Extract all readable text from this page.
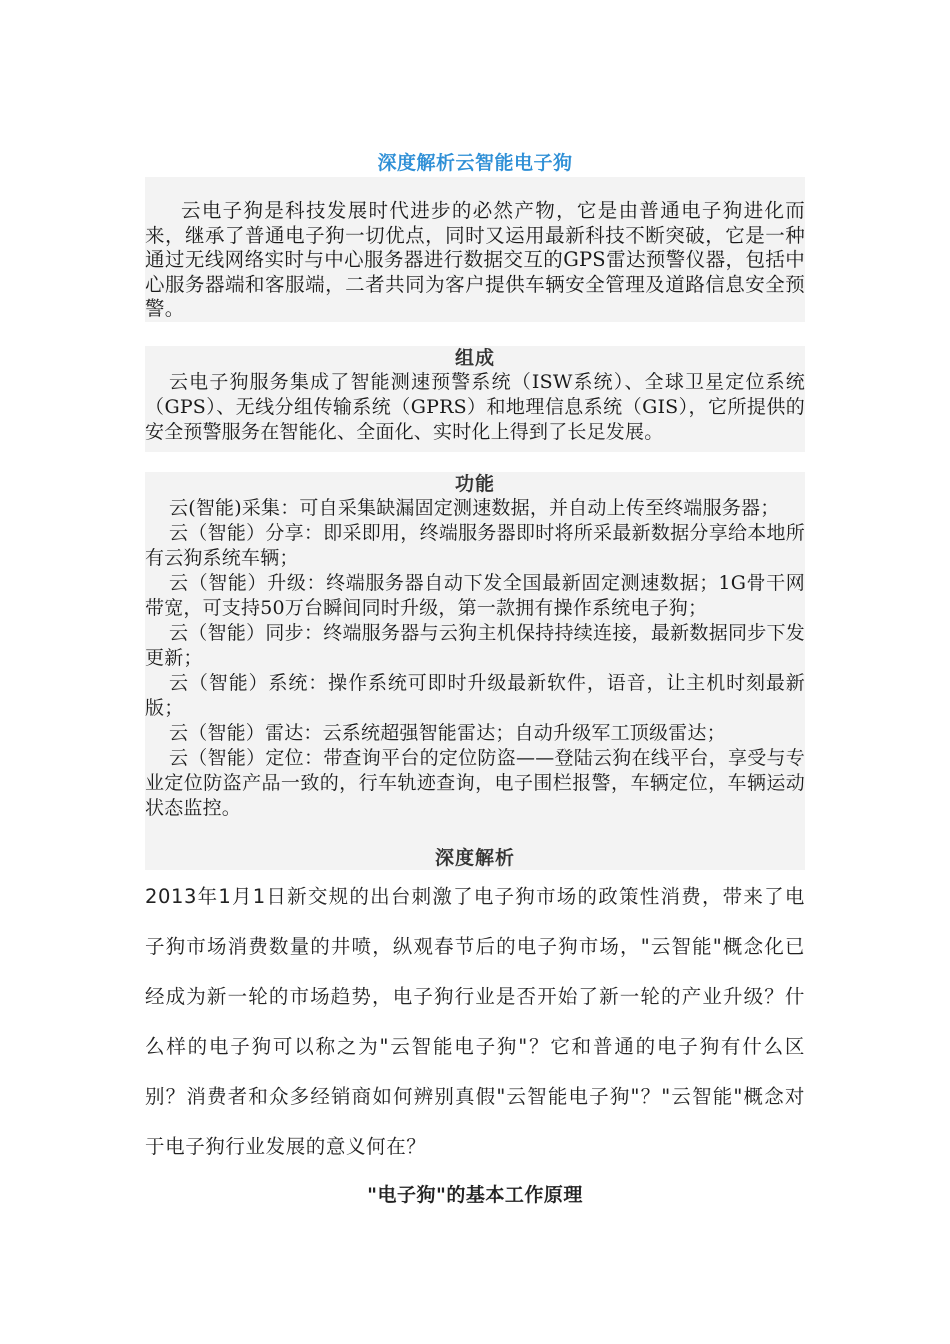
深度解析云智能电子狗

云电子狗是科技发展时代进步的必然产物，它是由普通电子狗进化而来，继承了普通电子狗一切优点，同时又运用最新科技不断突破，它是一种通过无线网络实时与中心服务器进行数据交互的GPS雷达预警仪器，包括中心服务器端和客服端，二者共同为客户提供车辆安全管理及道路信息安全预警。

组成

云电子狗服务集成了智能测速预警系统（ISW系统）、全球卫星定位系统（GPS）、无线分组传输系统（GPRS）和地理信息系统（GIS），它所提供的安全预警服务在智能化、全面化、实时化上得到了长足发展。

功能

云(智能)采集：可自采集缺漏固定测速数据，并自动上传至终端服务器；

云（智能）分享：即采即用，终端服务器即时将所采最新数据分享给本地所有云狗系统车辆；

云（智能）升级：终端服务器自动下发全国最新固定测速数据；1G骨干网带宽，可支持50万台瞬间同时升级，第一款拥有操作系统电子狗；

云（智能）同步：终端服务器与云狗主机保持持续连接，最新数据同步下发更新；

云（智能）系统：操作系统可即时升级最新软件，语音，让主机时刻最新版；

云（智能）雷达：云系统超强智能雷达；自动升级军工顶级雷达；

云（智能）定位：带查询平台的定位防盗——登陆云狗在线平台，享受与专业定位防盗产品一致的，行车轨迹查询，电子围栏报警，车辆定位，车辆运动状态监控。

深度解析

2013年1月1日新交规的出台刺激了电子狗市场的政策性消费，带来了电子狗市场消费数量的井喷，纵观春节后的电子狗市场，"云智能"概念化已经成为新一轮的市场趋势，电子狗行业是否开始了新一轮的产业升级？什么样的电子狗可以称之为"云智能电子狗"？它和普通的电子狗有什么区别？消费者和众多经销商如何辨别真假"云智能电子狗"？"云智能"概念对于电子狗行业发展的意义何在？

"电子狗"的基本工作原理
